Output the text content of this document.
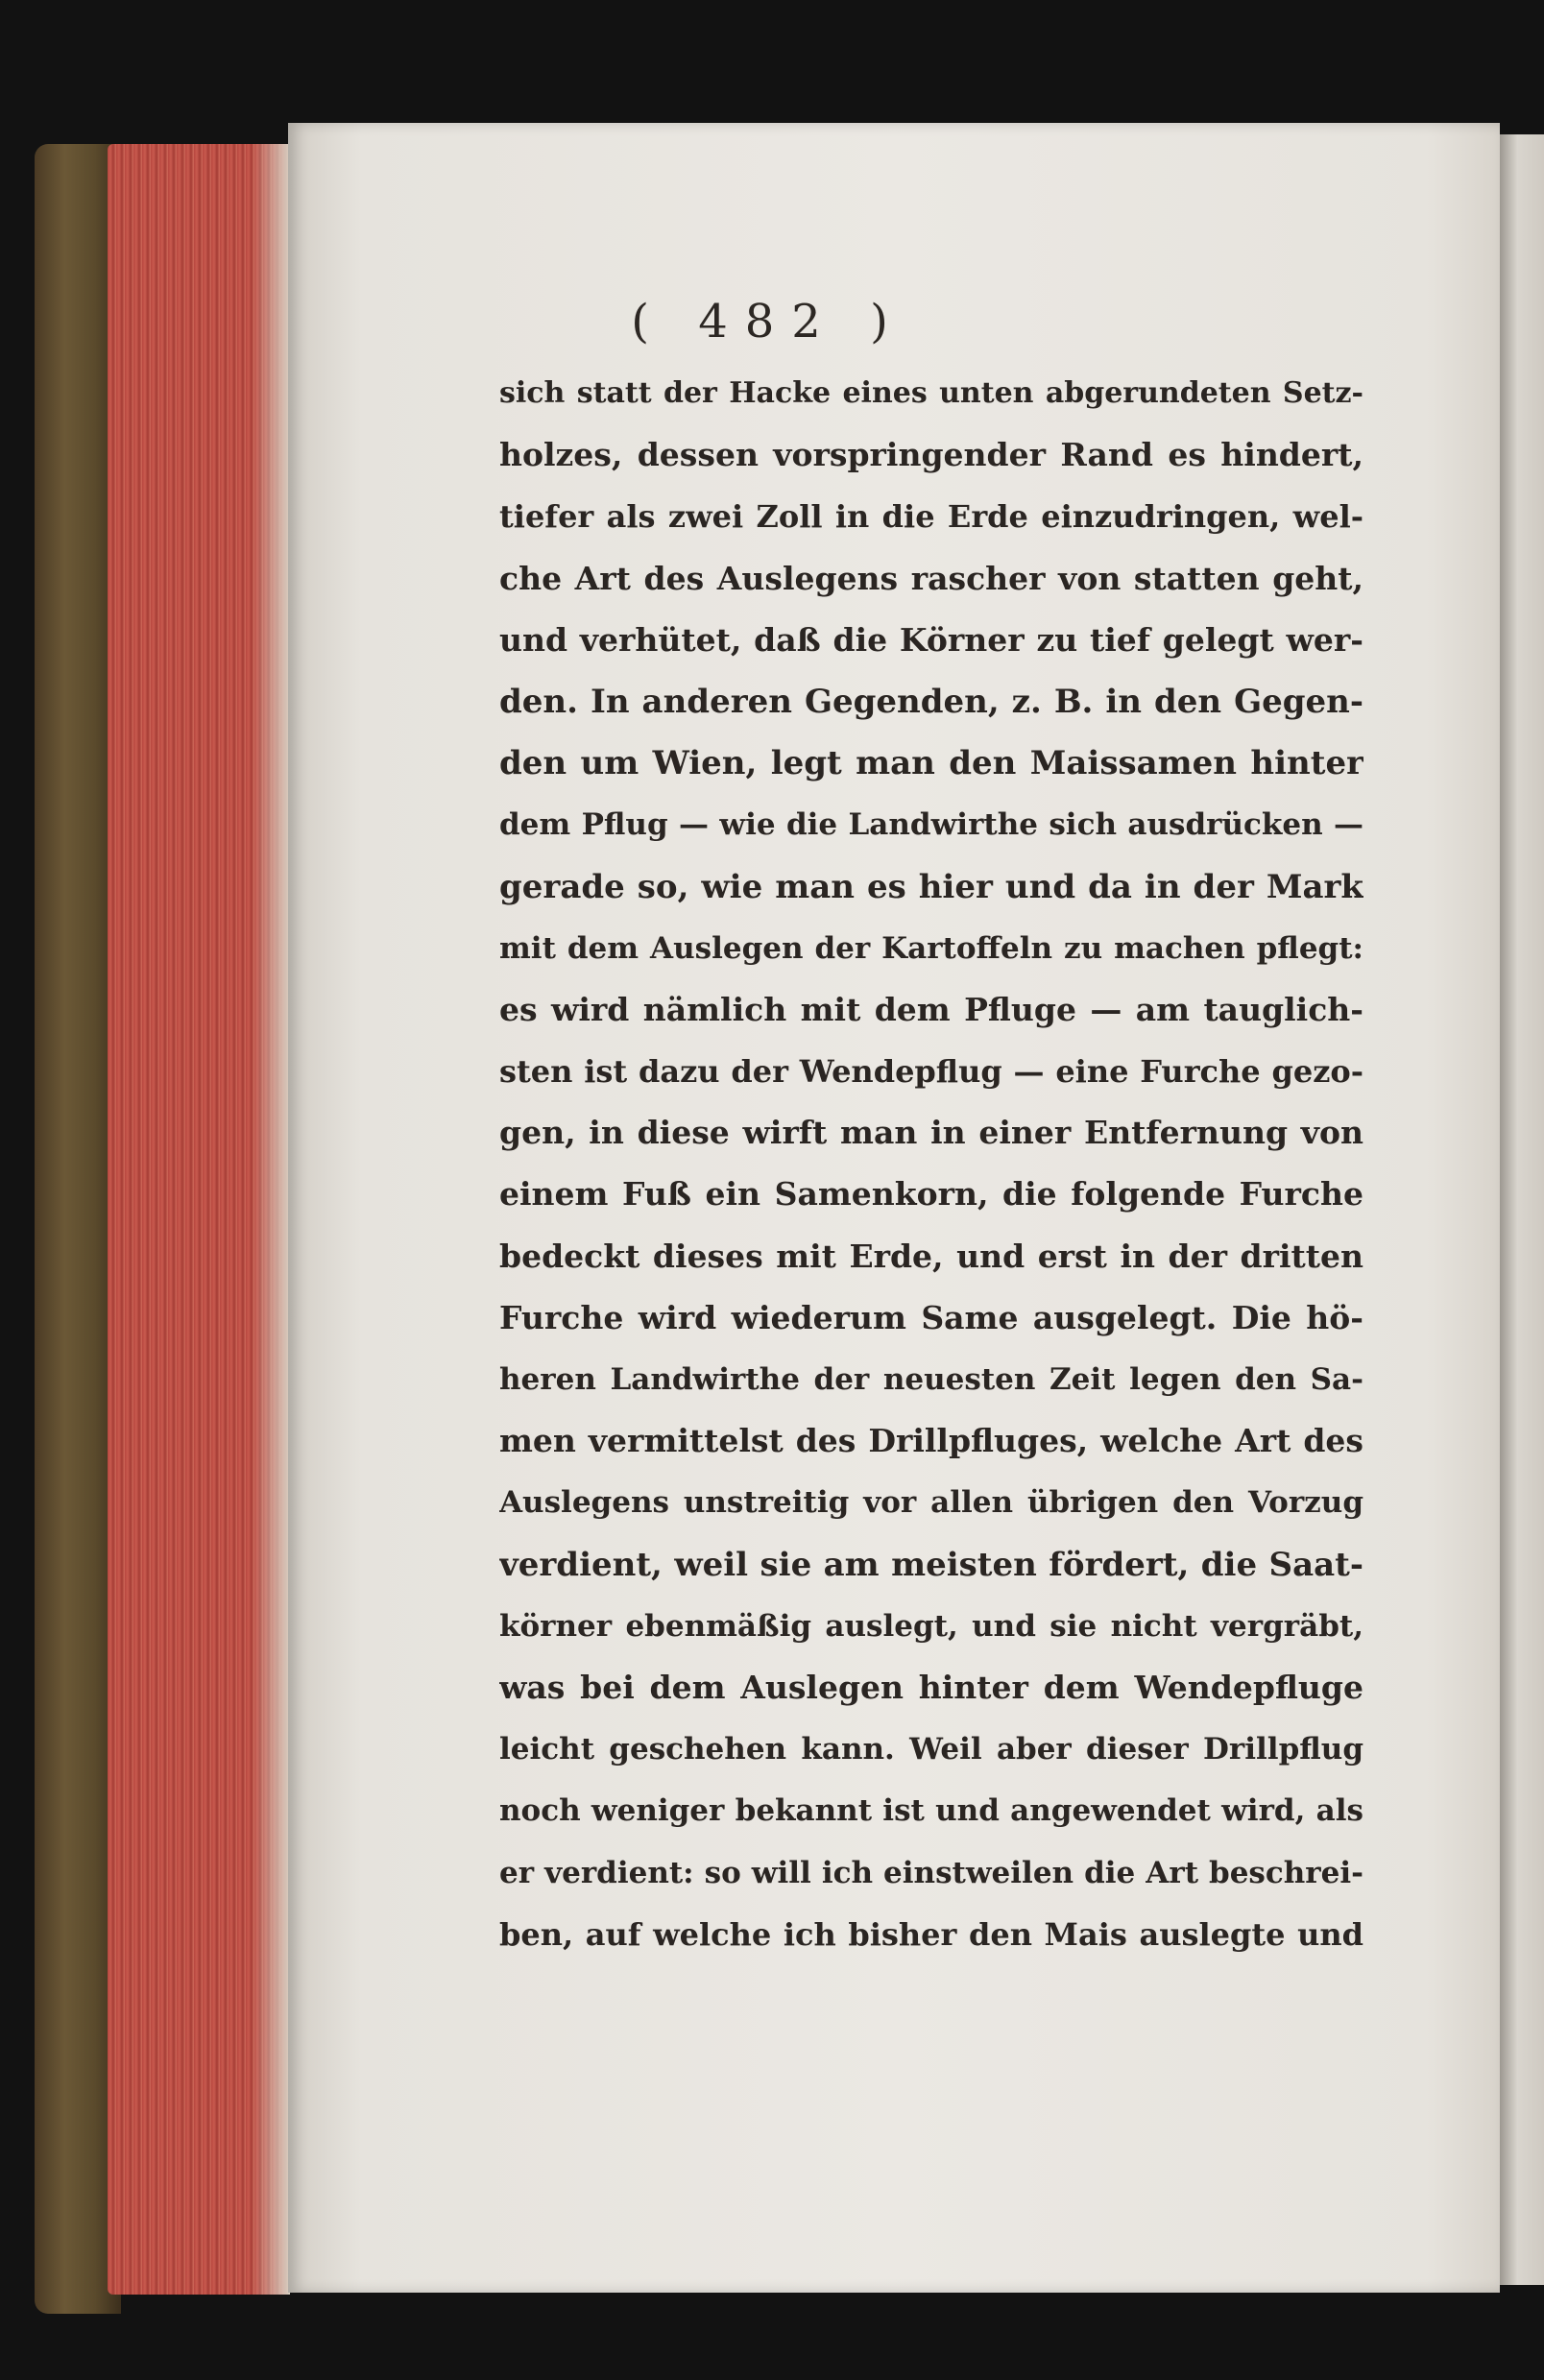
( 482 )
sich statt der Hacke eines unten abgerundeten Setz-
holzes, dessen vorspringender Rand es hindert,
tiefer als zwei Zoll in die Erde einzudringen, wel-
che Art des Auslegens rascher von statten geht,
und verhütet, daß die Körner zu tief gelegt wer-
den. In anderen Gegenden, z. B. in den Gegen-
den um Wien, legt man den Maissamen hinter
dem Pflug — wie die Landwirthe sich ausdrücken —
gerade so, wie man es hier und da in der Mark
mit dem Auslegen der Kartoffeln zu machen pflegt:
es wird nämlich mit dem Pfluge — am tauglich-
sten ist dazu der Wendepflug — eine Furche gezo-
gen, in diese wirft man in einer Entfernung von
einem Fuß ein Samenkorn, die folgende Furche
bedeckt dieses mit Erde, und erst in der dritten
Furche wird wiederum Same ausgelegt. Die hö-
heren Landwirthe der neuesten Zeit legen den Sa-
men vermittelst des Drillpfluges, welche Art des
Auslegens unstreitig vor allen übrigen den Vorzug
verdient, weil sie am meisten fördert, die Saat-
körner ebenmäßig auslegt, und sie nicht vergräbt,
was bei dem Auslegen hinter dem Wendepfluge
leicht geschehen kann. Weil aber dieser Drillpflug
noch weniger bekannt ist und angewendet wird, als
er verdient: so will ich einstweilen die Art beschrei-
ben, auf welche ich bisher den Mais auslegte und
